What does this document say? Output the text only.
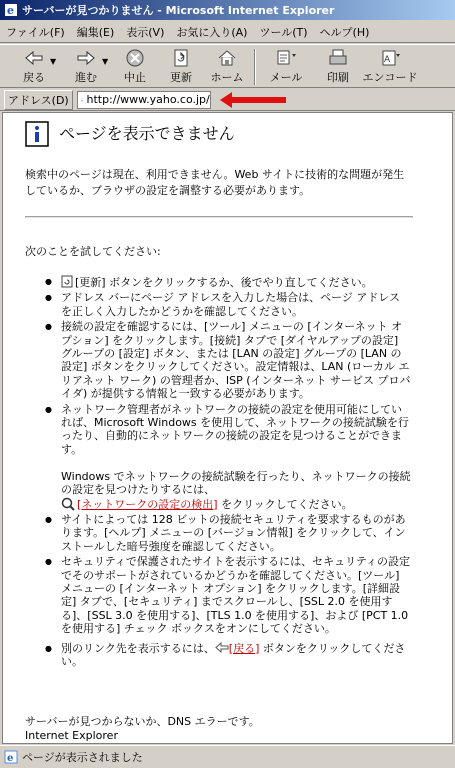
e サーバーが見つかりません - Microsoft Internet Explorer
ファイル(F) 編集(E) 表示(V) お気に入り(A) ツール(T) ヘルプ(H)
戻る
▼
進む
▼
中止 更新 ホーム メール 印刷
A
エンコード
アドレス(D)	e http://www.yaho.co.jp/
ページを表示できません
検索中のページは現在、利用できません。Web サイトに技術的な問題が発生しているか、ブラウザの設定を調整する必要があります。
次のことを試してください:
● [更新] ボタンをクリックするか、後でやり直してください。
● アドレス バーにページ アドレスを入力した場合は、ページ アドレスを正しく入力したかどうかを確認してください。
● 接続の設定を確認するには、[ツール] メニューの [インターネット オプション] をクリックします。[接続] タブで [ダイヤルアップの設定] グループの [設定] ボタン、または [LAN の設定] グループの [LAN の設定] ボタンをクリックしてください。設定情報は、LAN (ローカル エリアネット ワーク) の管理者か、ISP (インターネット サービス プロバイダ) が提供する情報と一致する必要があります。
● ネットワーク管理者がネットワークの接続の設定を使用可能にしていれば、Microsoft Windows を使用して、ネットワークの接続試験を行ったり、自動的にネットワークの接続の設定を見つけることができます。

Windows でネットワークの接続試験を行ったり、ネットワークの接続の設定を見つけたりするには、
[ネットワークの設定の検出] をクリックしてください。
● サイトによっては 128 ビットの接続セキュリティを要求するものがあります。[ヘルプ] メニューの [バージョン情報] をクリックして、インストールした暗号強度を確認してください。
● セキュリティで保護されたサイトを表示するには、セキュリティの設定でそのサポートがされているかどうかを確認してください。[ツール] メニューの [インターネット オプション] をクリックします。[詳細設定] タブで、[セキュリティ] までスクロールし、[SSL 2.0 を使用する]、[SSL 3.0 を使用する]、[TLS 1.0 を使用する]、および [PCT 1.0 を使用する] チェック ボックスをオンにしてください。
● 別のリンク先を表示するには、 [戻る] ボタンをクリックしてください。
サーバーが見つからないか、DNS エラーです。
Internet Explorer
e ページが表示されました
